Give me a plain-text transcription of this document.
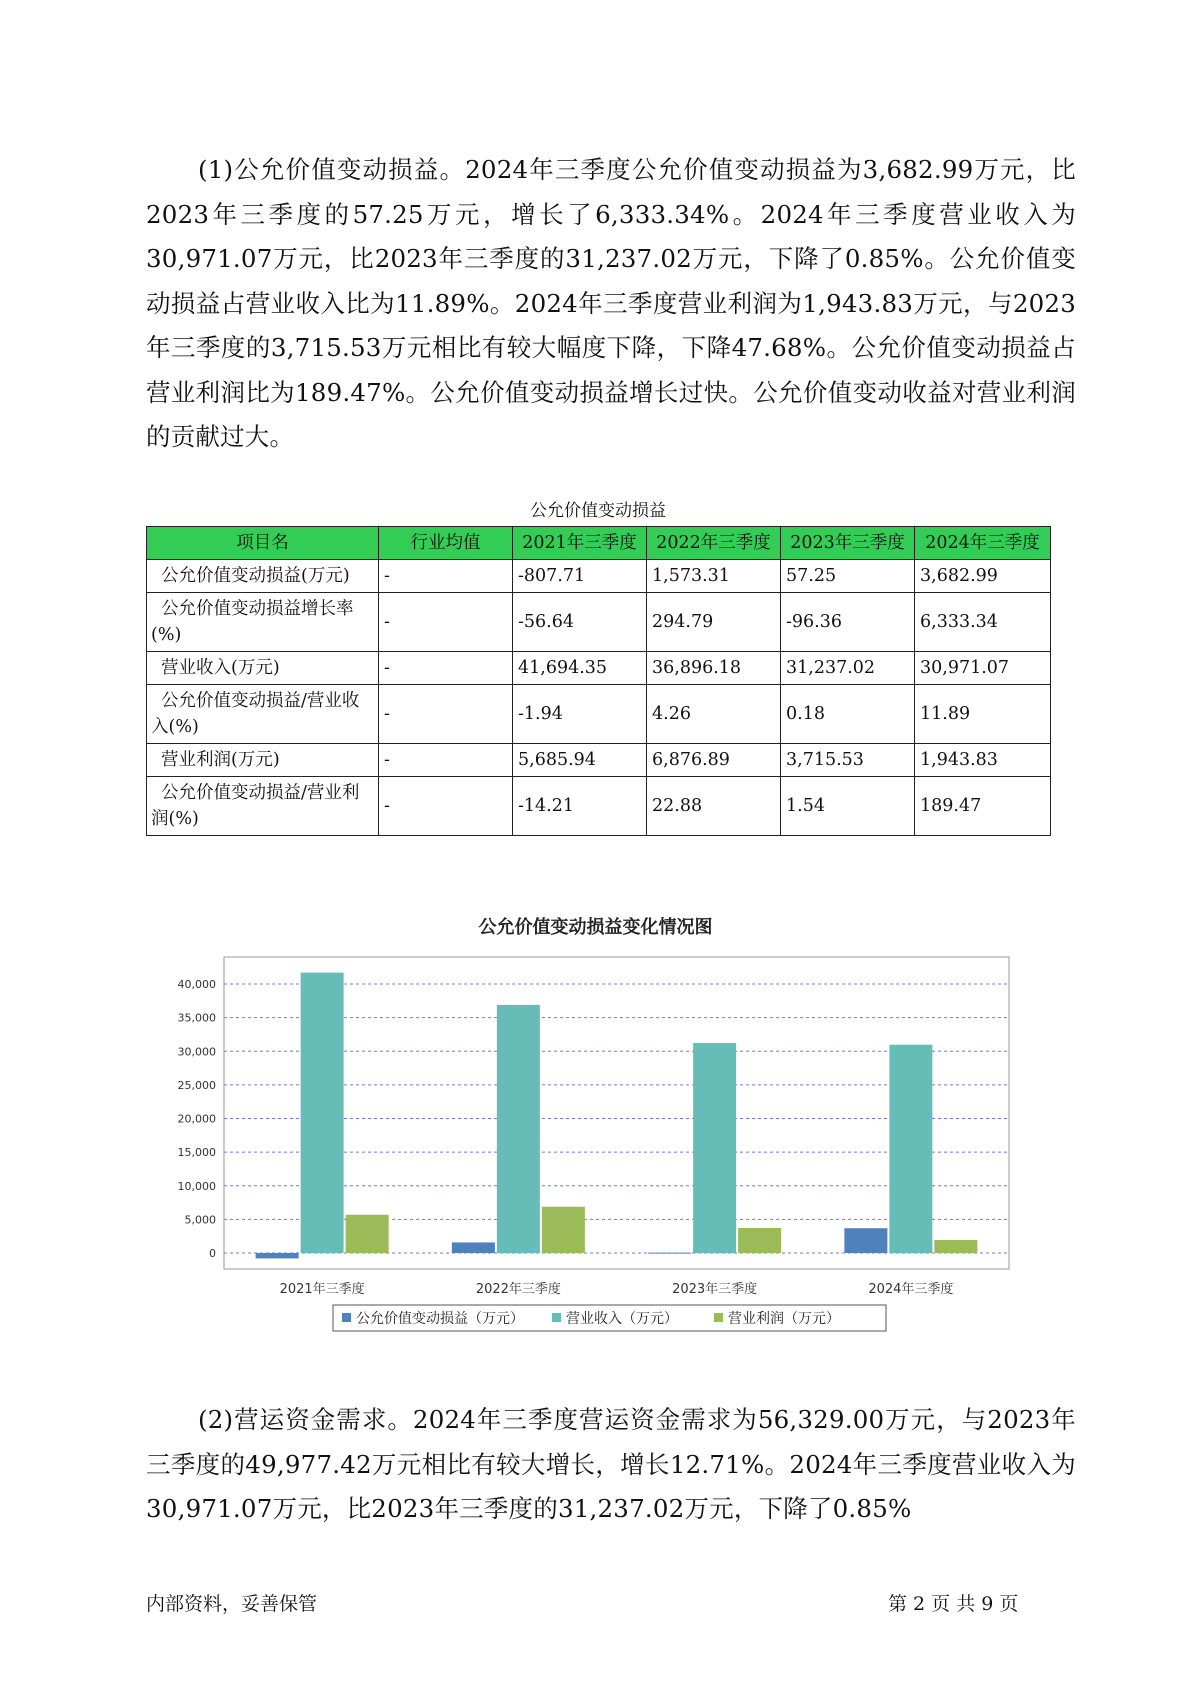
(1)公允价值变动损益。2024年三季度公允价值变动损益为3,682.99万元，比2023年三季度的57.25万元，增长了6,333.34%。2024年三季度营业收入为30,971.07万元，比2023年三季度的31,237.02万元，下降了0.85%。公允价值变动损益占营业收入比为11.89%。2024年三季度营业利润为1,943.83万元，与2023年三季度的3,715.53万元相比有较大幅度下降，下降47.68%。公允价值变动损益占营业利润比为189.47%。公允价值变动损益增长过快。公允价值变动收益对营业利润的贡献过大。

公允价值变动损益
项目名	行业均值	2021年三季度	2022年三季度	2023年三季度	2024年三季度
公允价值变动损益(万元)	-	-807.71	1,573.31	57.25	3,682.99
公允价值变动损益增长率(%)	-	-56.64	294.79	-96.36	6,333.34
营业收入(万元)	-	41,694.35	36,896.18	31,237.02	30,971.07
公允价值变动损益/营业收入(%)	-	-1.94	4.26	0.18	11.89
营业利润(万元)	-	5,685.94	6,876.89	3,715.53	1,943.83
公允价值变动损益/营业利润(%)	-	-14.21	22.88	1.54	189.47
公允价值变动损益变化情况图
0
5,000
10,000
15,000
20,000
25,000
30,000
35,000
40,000
2021年三季度	2022年三季度	2023年三季度	2024年三季度
公允价值变动损益（万元）	营业收入（万元）	营业利润（万元）

(2)营运资金需求。2024年三季度营运资金需求为56,329.00万元，与2023年三季度的49,977.42万元相比有较大增长，增长12.71%。2024年三季度营业收入为30,971.07万元，比2023年三季度的31,237.02万元，下降了0.85%

内部资料，妥善保管	第 2 页 共 9 页
